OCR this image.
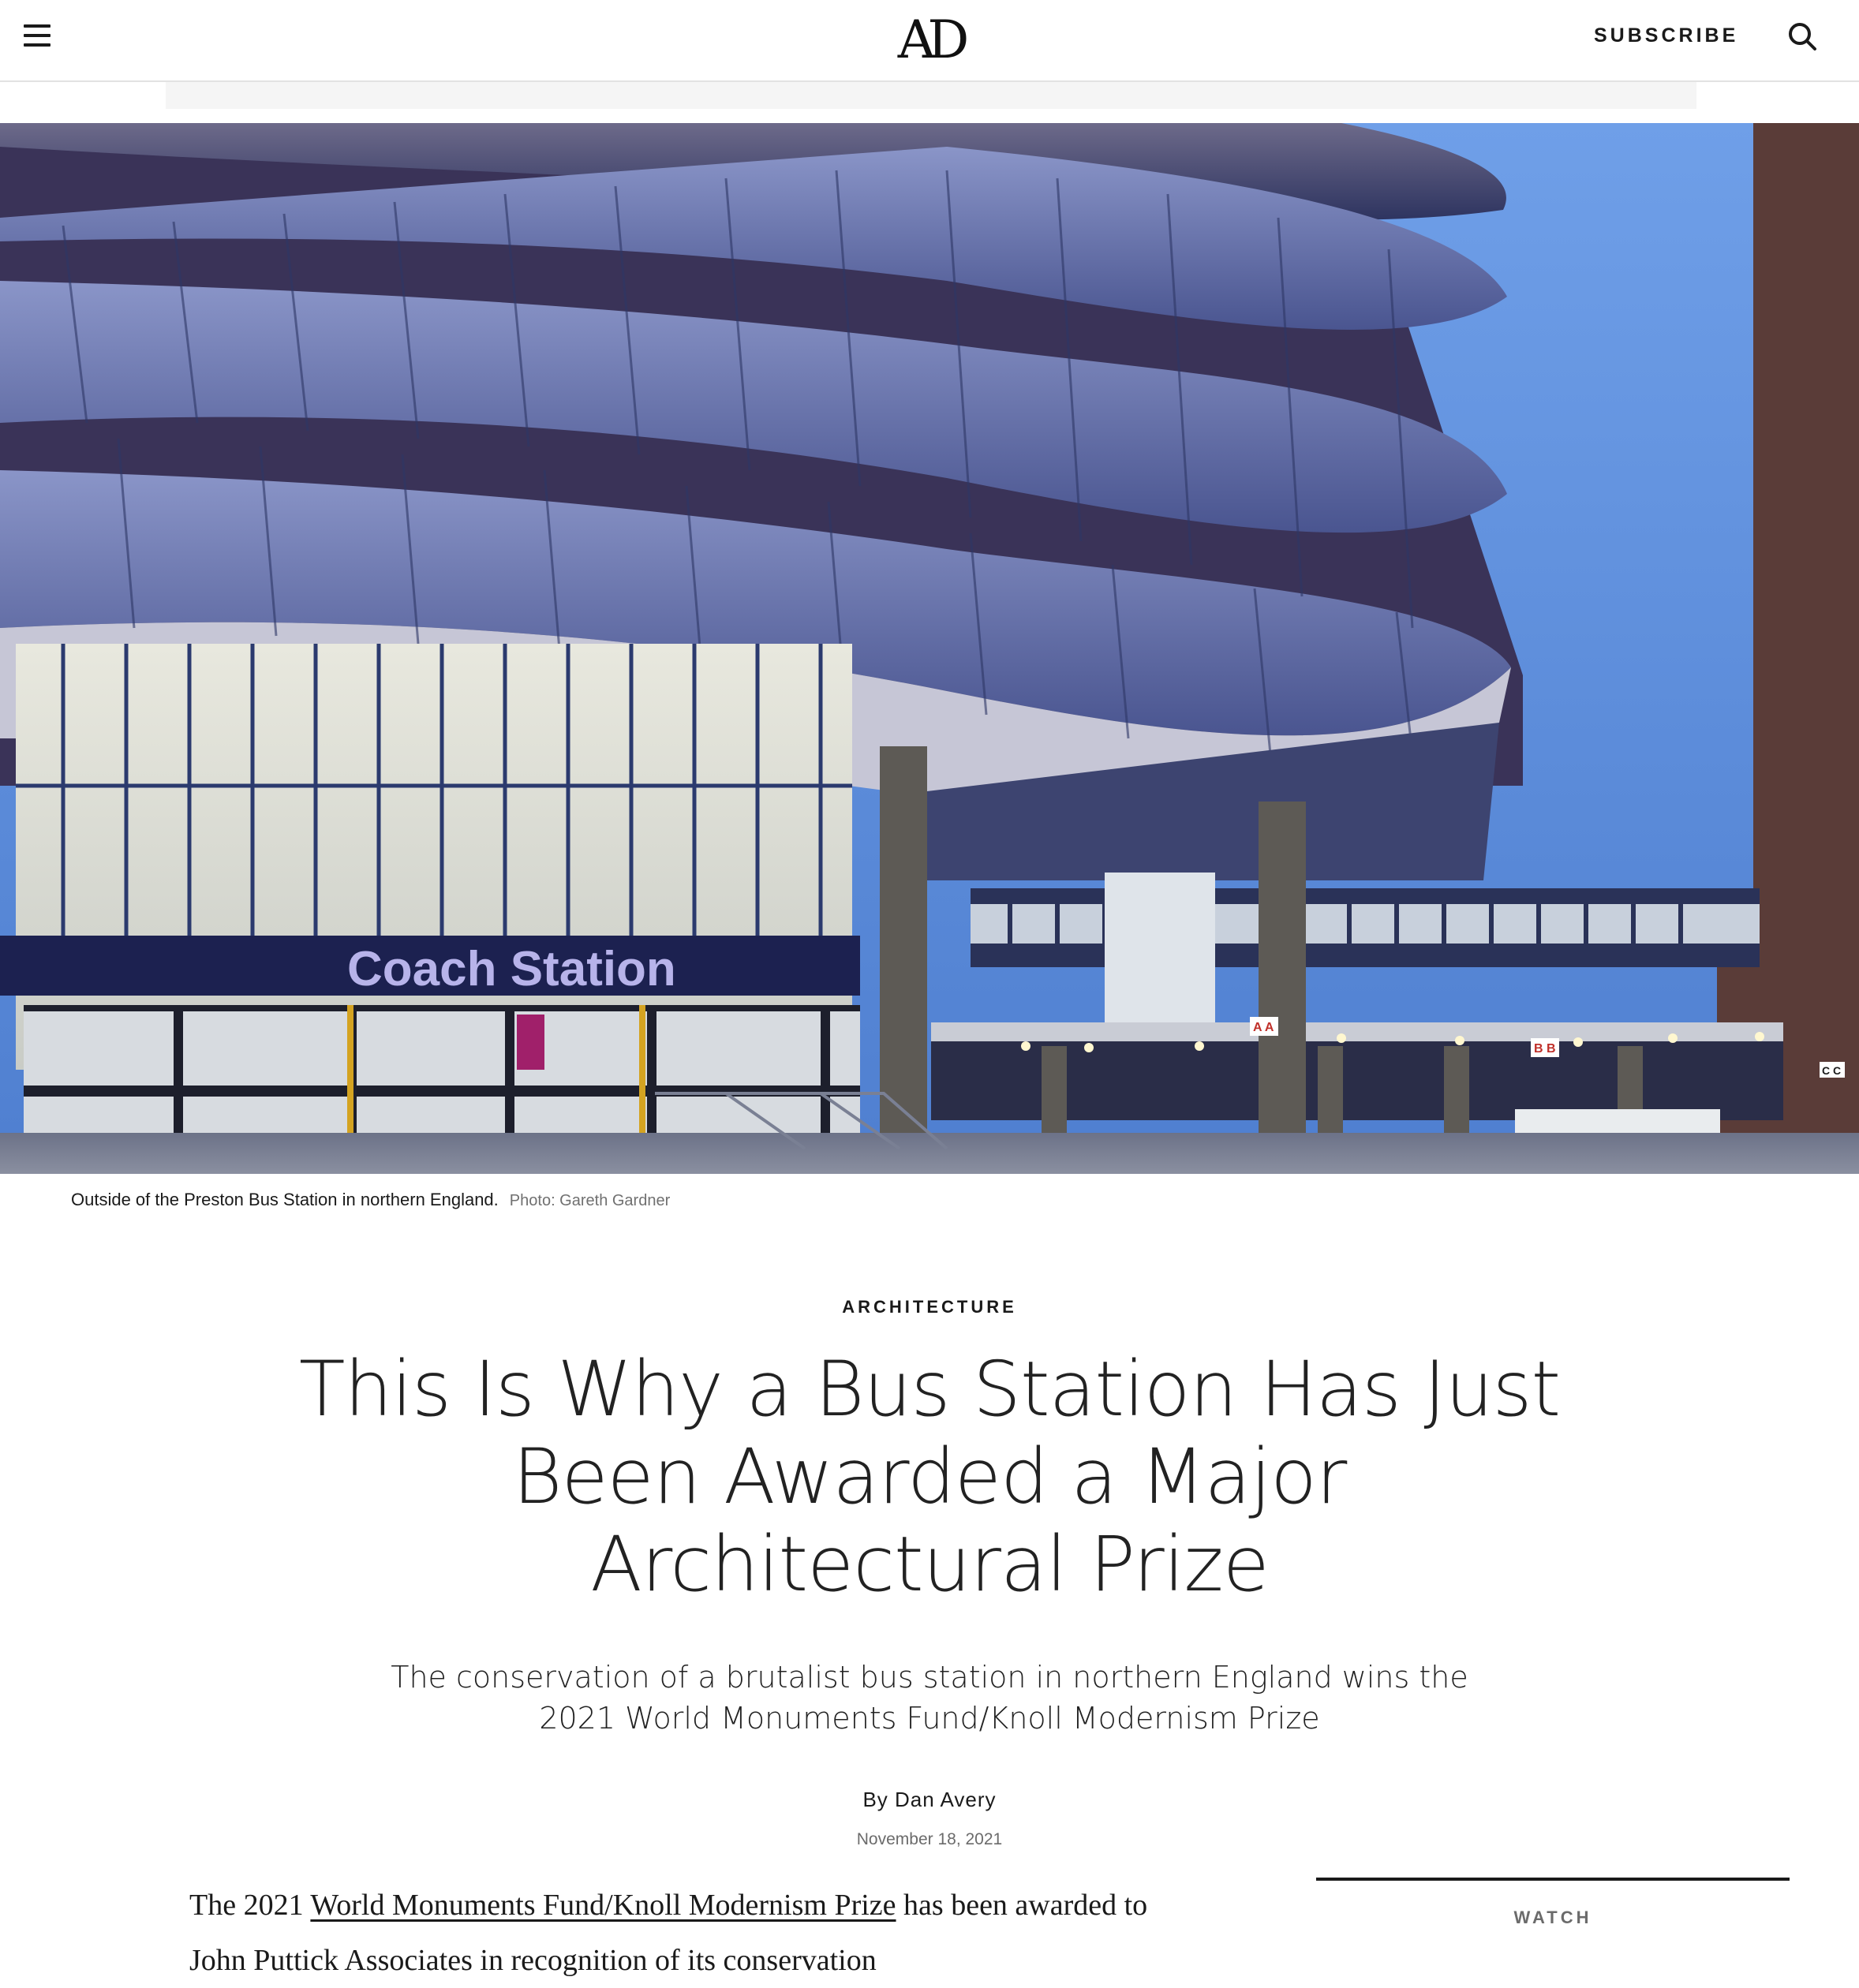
AD	SUBSCRIBE
Coach Station
A A
B B
C C
Outside of the Preston Bus Station in northern England. Photo: Gareth Gardner
ARCHITECTURE
This Is Why a Bus Station Has Just Been Awarded a Major Architectural Prize

The conservation of a brutalist bus station in northern England wins the 2021 World Monuments Fund/Knoll Modernism Prize

By Dan Avery
November 18, 2021

The 2021 World Monuments Fund/Knoll Modernism Prize has been awarded to John Puttick Associates in recognition of its conservation

WATCH
